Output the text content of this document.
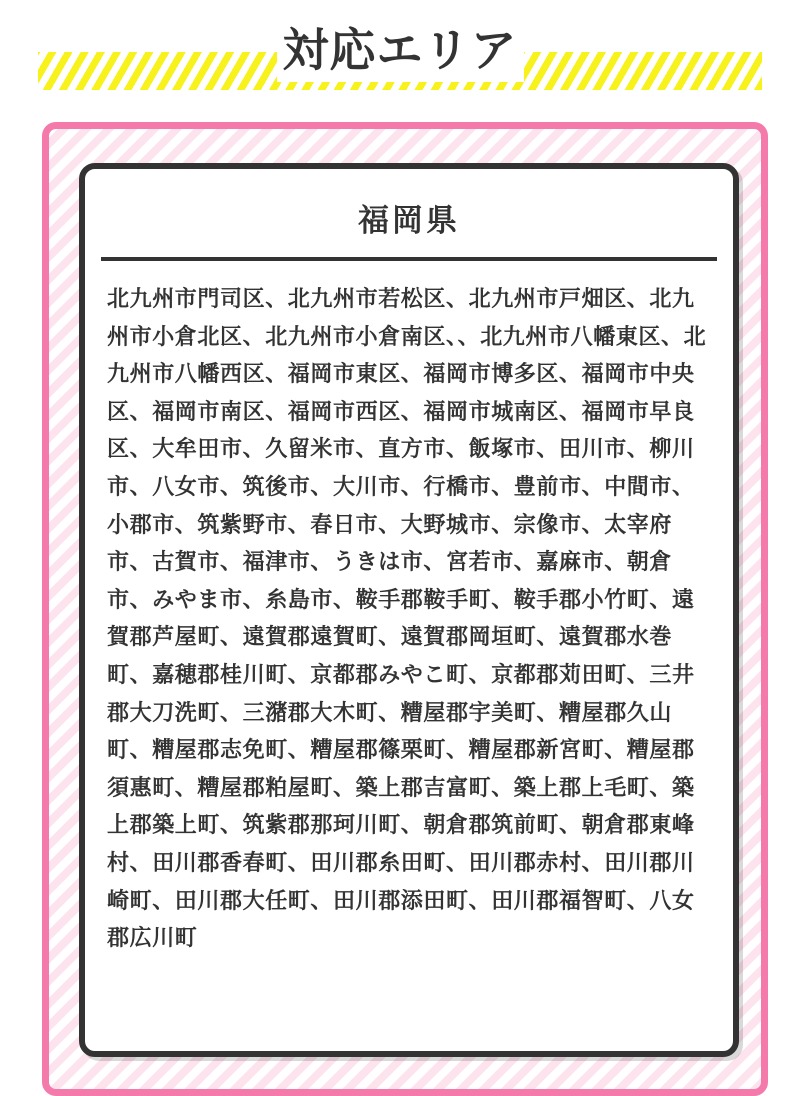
対応エリア
福岡県
北九州市門司区、北九州市若松区、北九州市戸畑区、北九州市小倉北区、北九州市小倉南区、、北九州市八幡東区、北九州市八幡西区、福岡市東区、福岡市博多区、福岡市中央区、福岡市南区、福岡市西区、福岡市城南区、福岡市早良区、大牟田市、久留米市、直方市、飯塚市、田川市、柳川市、八女市、筑後市、大川市、行橋市、豊前市、中間市、小郡市、筑紫野市、春日市、大野城市、宗像市、太宰府市、古賀市、福津市、うきは市、宮若市、嘉麻市、朝倉市、みやま市、糸島市、鞍手郡鞍手町、鞍手郡小竹町、遠賀郡芦屋町、遠賀郡遠賀町、遠賀郡岡垣町、遠賀郡水巻町、嘉穂郡桂川町、京都郡みやこ町、京都郡苅田町、三井郡大刀洗町、三潴郡大木町、糟屋郡宇美町、糟屋郡久山町、糟屋郡志免町、糟屋郡篠栗町、糟屋郡新宮町、糟屋郡須惠町、糟屋郡粕屋町、築上郡吉富町、築上郡上毛町、築上郡築上町、筑紫郡那珂川町、朝倉郡筑前町、朝倉郡東峰村、田川郡香春町、田川郡糸田町、田川郡赤村、田川郡川崎町、田川郡大任町、田川郡添田町、田川郡福智町、八女郡広川町
